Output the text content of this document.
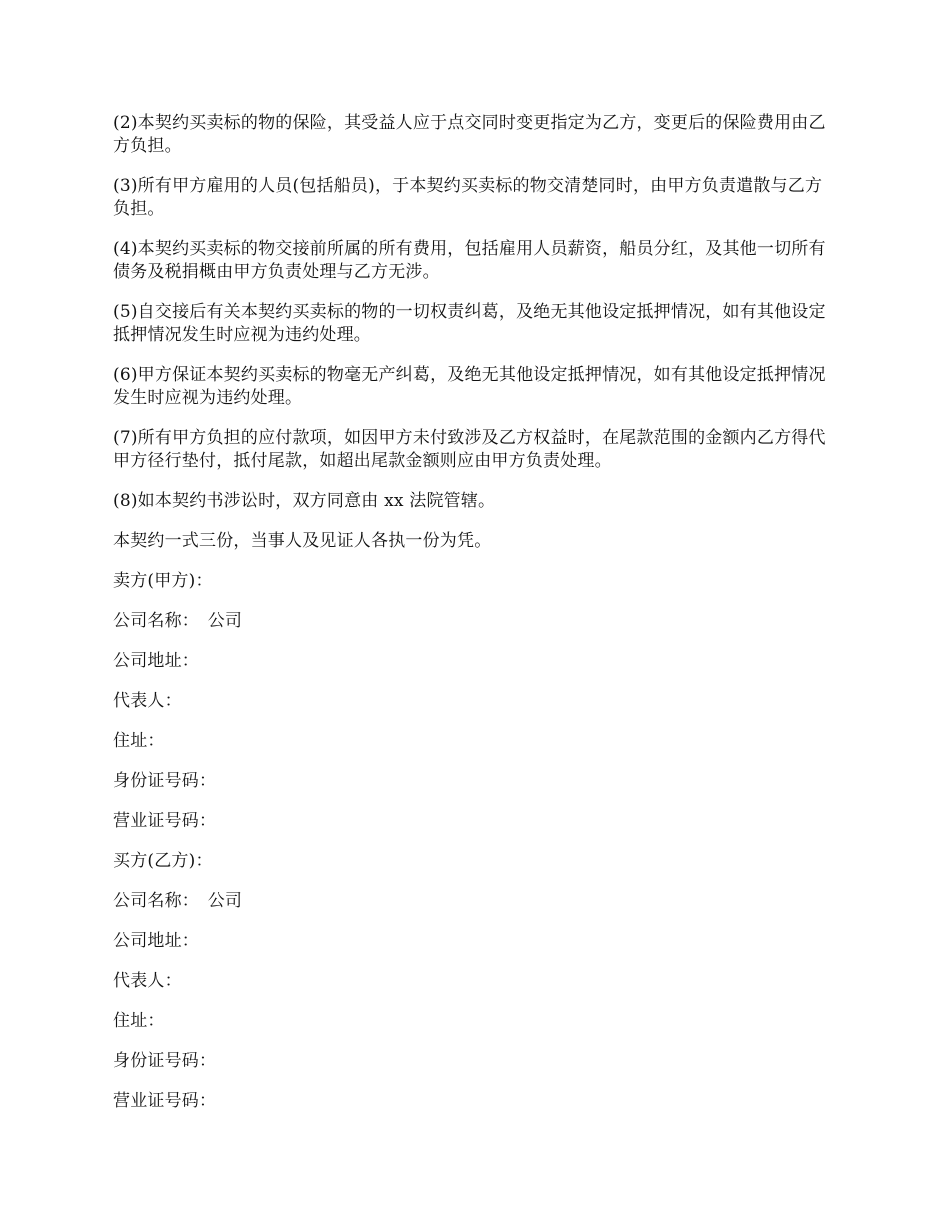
(2)本契约买卖标的物的保险，其受益人应于点交同时变更指定为乙方，变更后的保险费用由乙方负担。

(3)所有甲方雇用的人员(包括船员)，于本契约买卖标的物交清楚同时，由甲方负责遣散与乙方负担。

(4)本契约买卖标的物交接前所属的所有费用，包括雇用人员薪资，船员分红，及其他一切所有债务及税捐概由甲方负责处理与乙方无涉。

(5)自交接后有关本契约买卖标的物的一切权责纠葛，及绝无其他设定抵押情况，如有其他设定抵押情况发生时应视为违约处理。

(6)甲方保证本契约买卖标的物毫无产纠葛，及绝无其他设定抵押情况，如有其他设定抵押情况发生时应视为违约处理。

(7)所有甲方负担的应付款项，如因甲方未付致涉及乙方权益时，在尾款范围的金额内乙方得代甲方径行垫付，抵付尾款，如超出尾款金额则应由甲方负责处理。

(8)如本契约书涉讼时，双方同意由 xx 法院管辖。

本契约一式三份，当事人及见证人各执一份为凭。

卖方(甲方)：

公司名称：　公司

公司地址：

代表人：

住址：

身份证号码：

营业证号码：

买方(乙方)：

公司名称：　公司

公司地址：

代表人：

住址：

身份证号码：

营业证号码：
